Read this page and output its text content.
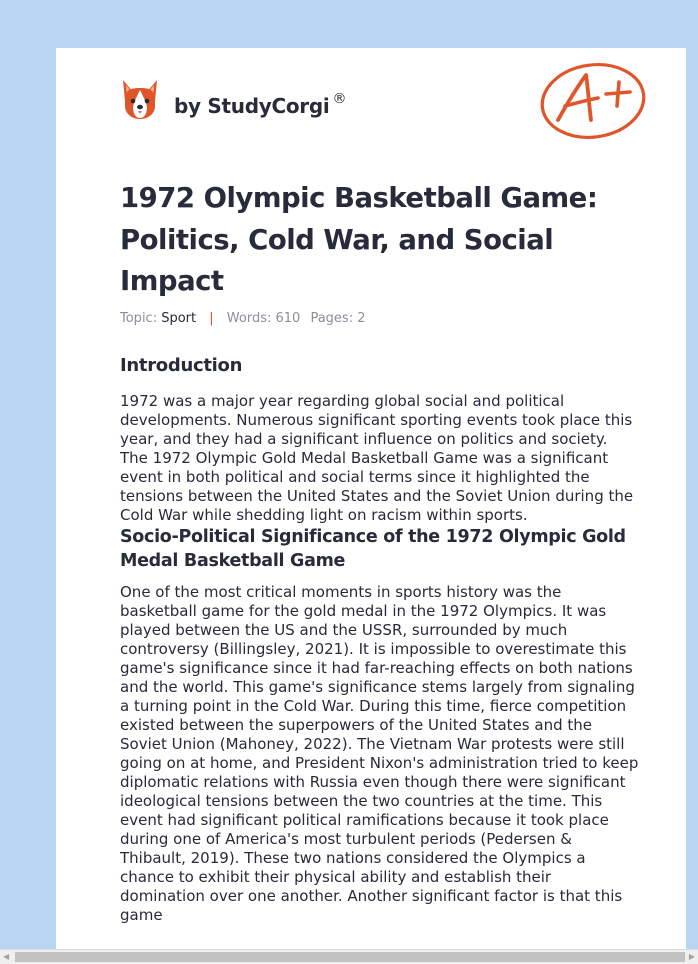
by StudyCorgi ®
1972 Olympic Basketball Game: Politics, Cold War, and Social Impact
Topic: Sport | Words: 610 Pages: 2
Introduction

1972 was a major year regarding global social and political developments. Numerous significant sporting events took place this year, and they had a significant influence on politics and society. The 1972 Olympic Gold Medal Basketball Game was a significant event in both political and social terms since it highlighted the tensions between the United States and the Soviet Union during the Cold War while shedding light on racism within sports.

Socio-Political Significance of the 1972 Olympic Gold Medal Basketball Game

One of the most critical moments in sports history was the basketball game for the gold medal in the 1972 Olympics. It was played between the US and the USSR, surrounded by much controversy (Billingsley, 2021). It is impossible to overestimate this game's significance since it had far-reaching effects on both nations and the world. This game's significance stems largely from signaling a turning point in the Cold War. During this time, fierce competition existed between the superpowers of the United States and the Soviet Union (Mahoney, 2022). The Vietnam War protests were still going on at home, and President Nixon's administration tried to keep diplomatic relations with Russia even though there were significant ideological tensions between the two countries at the time. This event had significant political ramifications because it took place during one of America's most turbulent periods (Pedersen & Thibault, 2019). These two nations considered the Olympics a chance to exhibit their physical ability and establish their domination over one another. Another significant factor is that this game

◀	▶
